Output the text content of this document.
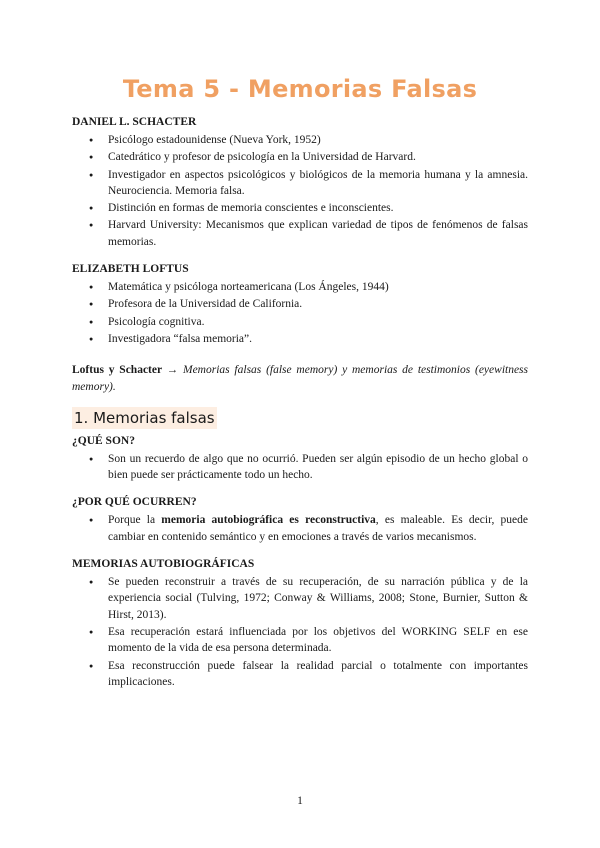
Tema 5 - Memorias Falsas
DANIEL L. SCHACTER
● Psicólogo estadounidense (Nueva York, 1952)
● Catedrático y profesor de psicología en la Universidad de Harvard.
● Investigador en aspectos psicológicos y biológicos de la memoria humana y la amnesia. Neurociencia. Memoria falsa.
● Distinción en formas de memoria conscientes e inconscientes.
● Harvard University: Mecanismos que explican variedad de tipos de fenómenos de falsas memorias.
ELIZABETH LOFTUS
● Matemática y psicóloga norteamericana (Los Ángeles, 1944)
● Profesora de la Universidad de California.
● Psicología cognitiva.
● Investigadora “falsa memoria”.

Loftus y Schacter → Memorias falsas (false memory) y memorias de testimonios (eyewitness memory).

1. Memorias falsas
¿QUÉ SON?
● Son un recuerdo de algo que no ocurrió. Pueden ser algún episodio de un hecho global o bien puede ser prácticamente todo un hecho.
¿POR QUÉ OCURREN?
● Porque la memoria autobiográfica es reconstructiva, es maleable. Es decir, puede cambiar en contenido semántico y en emociones a través de varios mecanismos.
MEMORIAS AUTOBIOGRÁFICAS
● Se pueden reconstruir a través de su recuperación, de su narración pública y de la experiencia social (Tulving, 1972; Conway & Williams, 2008; Stone, Burnier, Sutton & Hirst, 2013).
● Esa recuperación estará influenciada por los objetivos del WORKING SELF en ese momento de la vida de esa persona determinada.
● Esa reconstrucción puede falsear la realidad parcial o totalmente con importantes implicaciones.
1
